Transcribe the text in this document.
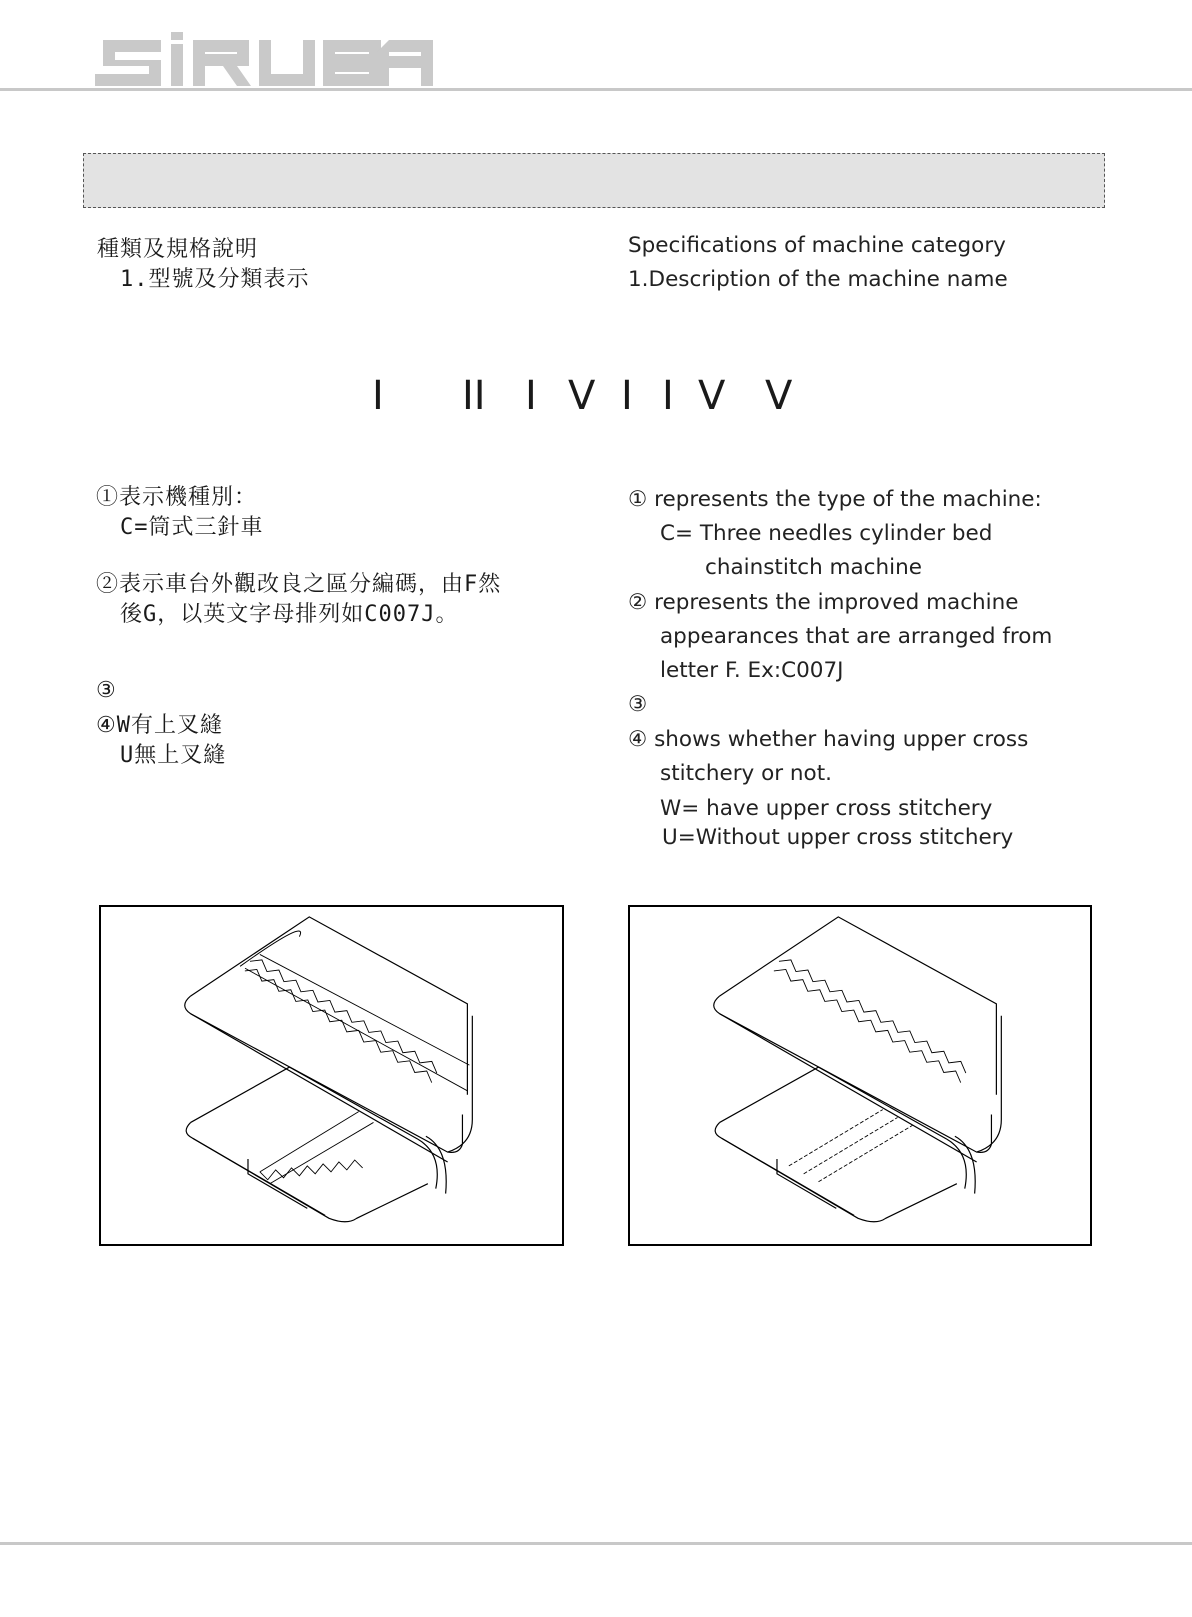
種類及規格說明
1.型號及分類表示
①表示機種別：
C=筒式三針車
②表示車台外觀改良之區分編碼，由F然
後G，以英文字母排列如C007J。
③
④W有上叉縫
U無上叉縫
Specifications of machine category
1.Description of the machine name
① represents the type of the machine:
C= Three needles cylinder bed
chainstitch machine
② represents the improved machine
appearances that are arranged from
letter F. Ex:C007J
③
④ shows whether having upper cross
stitchery or not.
W= have upper cross stitchery
U=Without upper cross stitchery
I II I V I I V V
